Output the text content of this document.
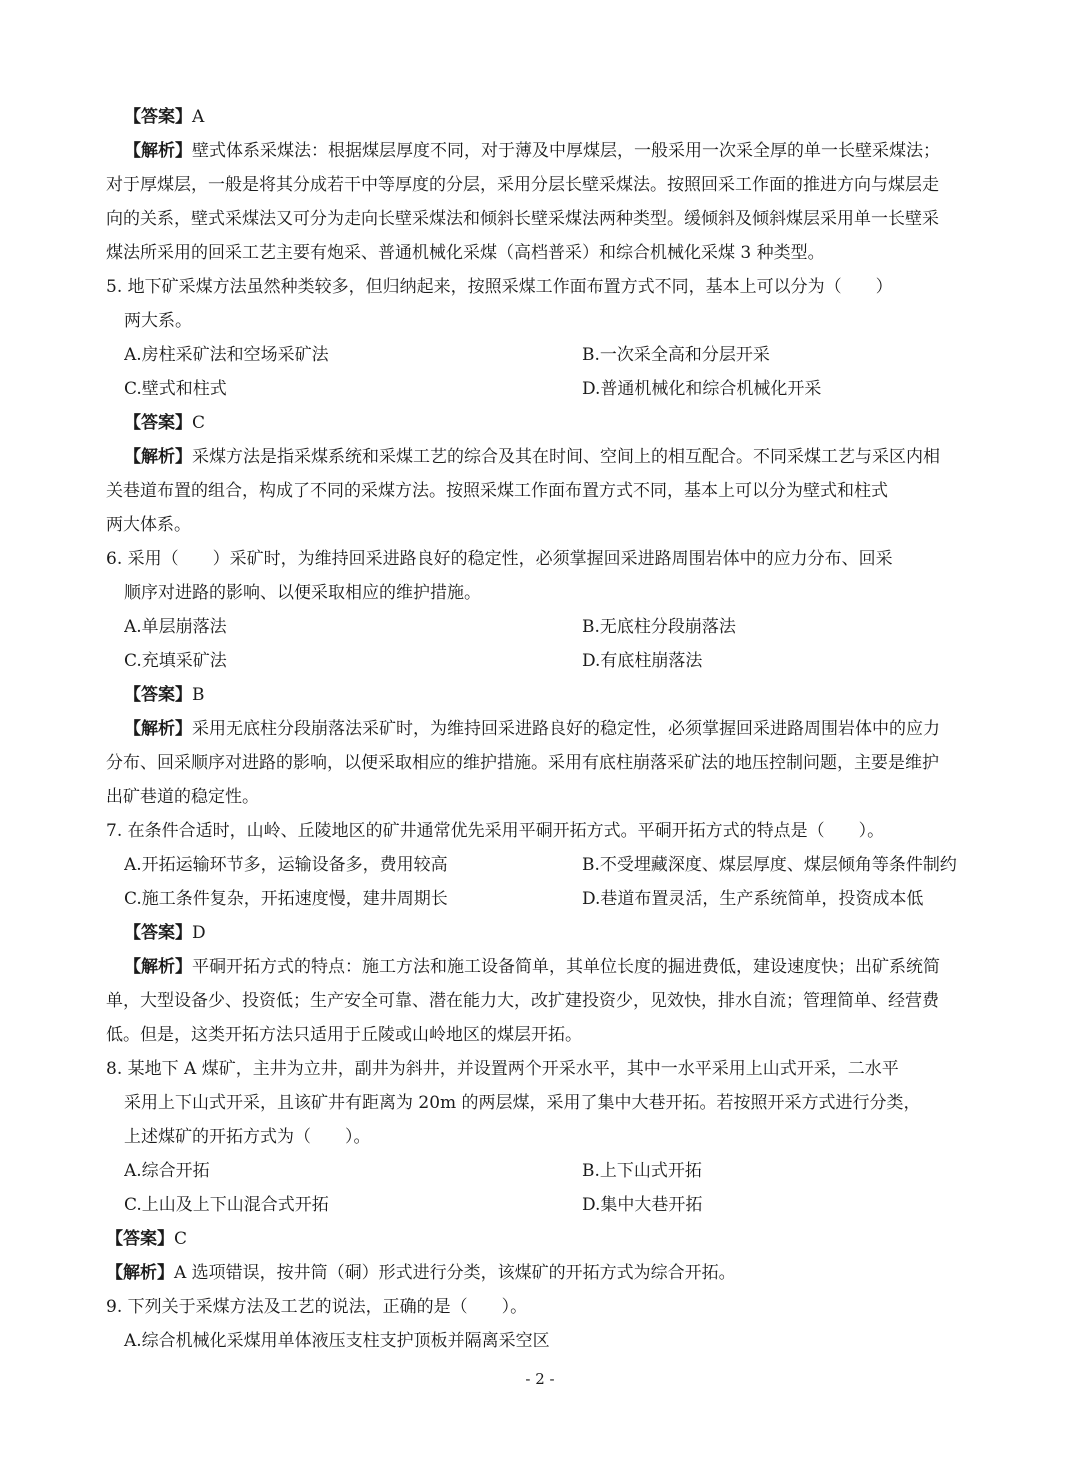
【答案】A
【解析】壁式体系采煤法：根据煤层厚度不同，对于薄及中厚煤层，一般采用一次采全厚的单一长壁采煤法；
对于厚煤层，一般是将其分成若干中等厚度的分层，采用分层长壁采煤法。按照回采工作面的推进方向与煤层走
向的关系，壁式采煤法又可分为走向长壁采煤法和倾斜长壁采煤法两种类型。缓倾斜及倾斜煤层采用单一长壁采
煤法所采用的回采工艺主要有炮采、普通机械化采煤（高档普采）和综合机械化采煤 3 种类型。
5. 地下矿采煤方法虽然种类较多，但归纳起来，按照采煤工作面布置方式不同，基本上可以分为（　　）
两大系。
A.房柱采矿法和空场采矿法	B.一次采全高和分层开采
C.壁式和柱式	D.普通机械化和综合机械化开采
【答案】C
【解析】采煤方法是指采煤系统和采煤工艺的综合及其在时间、空间上的相互配合。不同采煤工艺与采区内相
关巷道布置的组合，构成了不同的采煤方法。按照采煤工作面布置方式不同，基本上可以分为壁式和柱式
两大体系。
6. 采用（　　）采矿时，为维持回采进路良好的稳定性，必须掌握回采进路周围岩体中的应力分布、回采
顺序对进路的影响、以便采取相应的维护措施。
A.单层崩落法	B.无底柱分段崩落法
C.充填采矿法	D.有底柱崩落法
【答案】B
【解析】采用无底柱分段崩落法采矿时，为维持回采进路良好的稳定性，必须掌握回采进路周围岩体中的应力
分布、回采顺序对进路的影响，以便采取相应的维护措施。采用有底柱崩落采矿法的地压控制问题，主要是维护
出矿巷道的稳定性。
7. 在条件合适时，山岭、丘陵地区的矿井通常优先采用平硐开拓方式。平硐开拓方式的特点是（　　）。
A.开拓运输环节多，运输设备多，费用较高	B.不受埋藏深度、煤层厚度、煤层倾角等条件制约
C.施工条件复杂，开拓速度慢，建井周期长	D.巷道布置灵活，生产系统简单，投资成本低
【答案】D
【解析】平硐开拓方式的特点：施工方法和施工设备简单，其单位长度的掘进费低，建设速度快；出矿系统简
单，大型设备少、投资低；生产安全可靠、潜在能力大，改扩建投资少，见效快，排水自流；管理简单、经营费
低。但是，这类开拓方法只适用于丘陵或山岭地区的煤层开拓。
8. 某地下 A 煤矿，主井为立井，副井为斜井，并设置两个开采水平，其中一水平采用上山式开采，二水平
采用上下山式开采，且该矿井有距离为 20m 的两层煤，采用了集中大巷开拓。若按照开采方式进行分类，
上述煤矿的开拓方式为（　　）。
A.综合开拓	B.上下山式开拓
C.上山及上下山混合式开拓	D.集中大巷开拓
【答案】C
【解析】A 选项错误，按井筒（硐）形式进行分类，该煤矿的开拓方式为综合开拓。
9. 下列关于采煤方法及工艺的说法，正确的是（　　）。
A.综合机械化采煤用单体液压支柱支护顶板并隔离采空区
- 2 -
